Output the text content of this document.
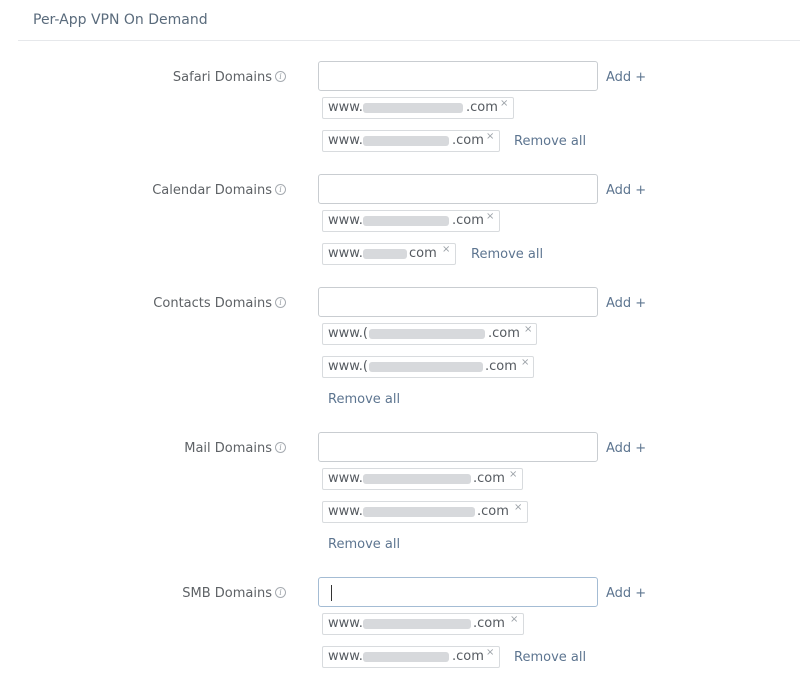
Per-App VPN On Demand
Safari Domains i	Add +
www.	.com ×
www.	.com × Remove all
Calendar Domains i	Add +
www.	.com ×
www.	com × Remove all
Contacts Domains i	Add +
www.(	.com ×
www.(	.com ×
Remove all
Mail Domains i	Add +
www.	.com ×
www.	.com ×
Remove all
SMB Domains i	Add +
www.	.com ×
www.	.com × Remove all
